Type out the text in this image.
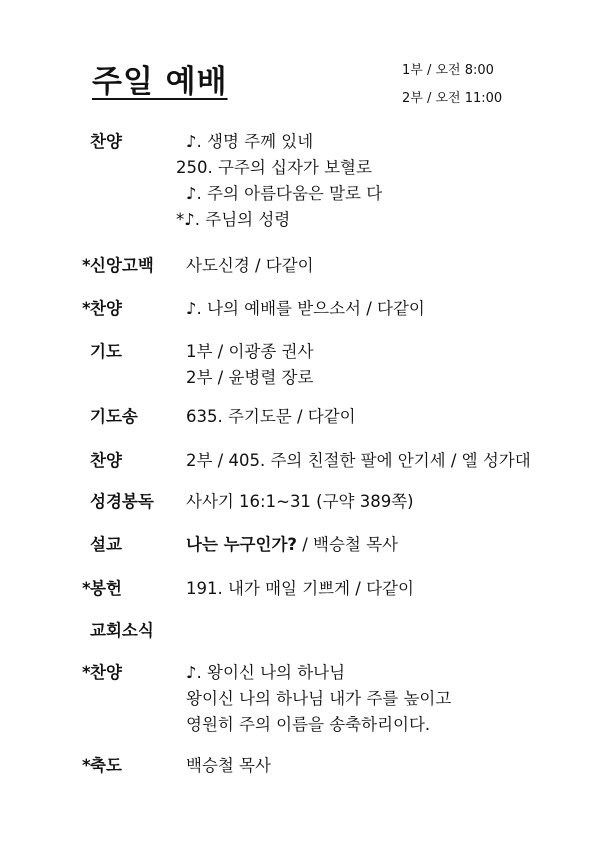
주일 예배	1부 / 오전 8:00
2부 / 오전 11:00
찬양	♪. 생명 주께 있네
250. 구주의 십자가 보혈로
♪. 주의 아름다움은 말로 다
*♪. 주님의 성령
*신앙고백	사도신경 / 다같이
*찬양	♪. 나의 예배를 받으소서 / 다같이
기도	1부 / 이광종 권사
2부 / 윤병렬 장로
기도송	635. 주기도문 / 다같이
찬양	2부 / 405. 주의 친절한 팔에 안기세 / 엘 성가대
성경봉독	사사기 16:1~31 (구약 389쪽)
설교	나는 누구인가? / 백승철 목사
*봉헌	191. 내가 매일 기쁘게 / 다같이
교회소식
*찬양	♪. 왕이신 나의 하나님
왕이신 나의 하나님 내가 주를 높이고
영원히 주의 이름을 송축하리이다.
*축도	백승철 목사
